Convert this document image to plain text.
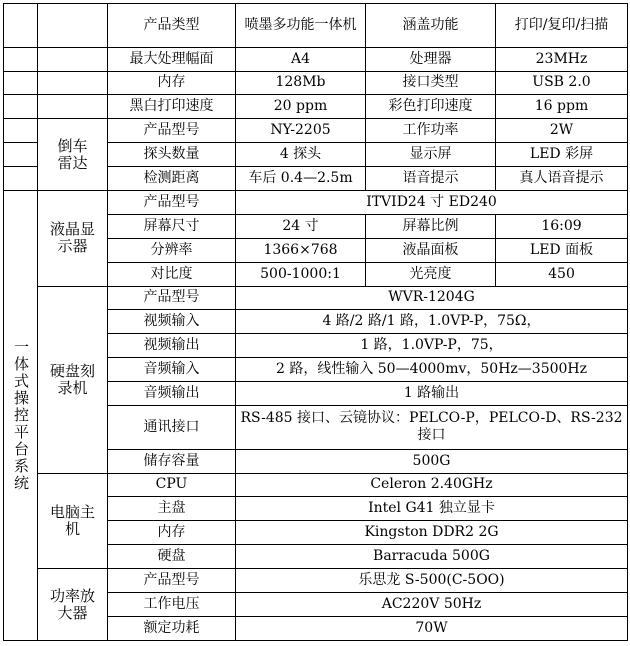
		产品类型	喷墨多功能一体机	涵盖功能	打印/复印/扫描
		最大处理幅面	A4	处理器	23MHz
		内存	128Mb	接口类型	USB 2.0
		黑白打印速度	20 ppm	彩色打印速度	16 ppm
	倒车雷达	产品型号	NY-2205	工作功率	2W
		探头数量	4 探头	显示屏	LED 彩屏
		检测距离	车后 0.4—2.5m	语音提示	真人语音提示
一体式操控平台系统	液晶显示器	产品型号	ITVID24 寸 ED240		
		屏幕尺寸	24 寸	屏幕比例	16:09
		分辨率	1366×768	液晶面板	LED 面板
		对比度	500-1000:1	光亮度	450
	硬盘刻录机	产品型号	WVR-1204G		
		视频输入	4 路/2 路/1 路，1.0VP-P，75Ω，		
		视频输出	1 路，1.0VP-P，75，		
		音频输入	2 路，线性输入 50—4000mv，50Hz—3500Hz		
		音频输出	1 路输出		
		通讯接口	RS-485 接口、云镜协议：PELCO-P，PELCO-D、RS-232 接口		
		储存容量	500G		
	电脑主机	CPU	Celeron 2.40GHz		
		主盘	Intel G41 独立显卡		
		内存	Kingston DDR2 2G		
		硬盘	Barracuda 500G		
	功率放大器	产品型号	乐思龙 S-500(C-5OO)		
		工作电压	AC220V 50Hz		
		额定功耗	70W		
